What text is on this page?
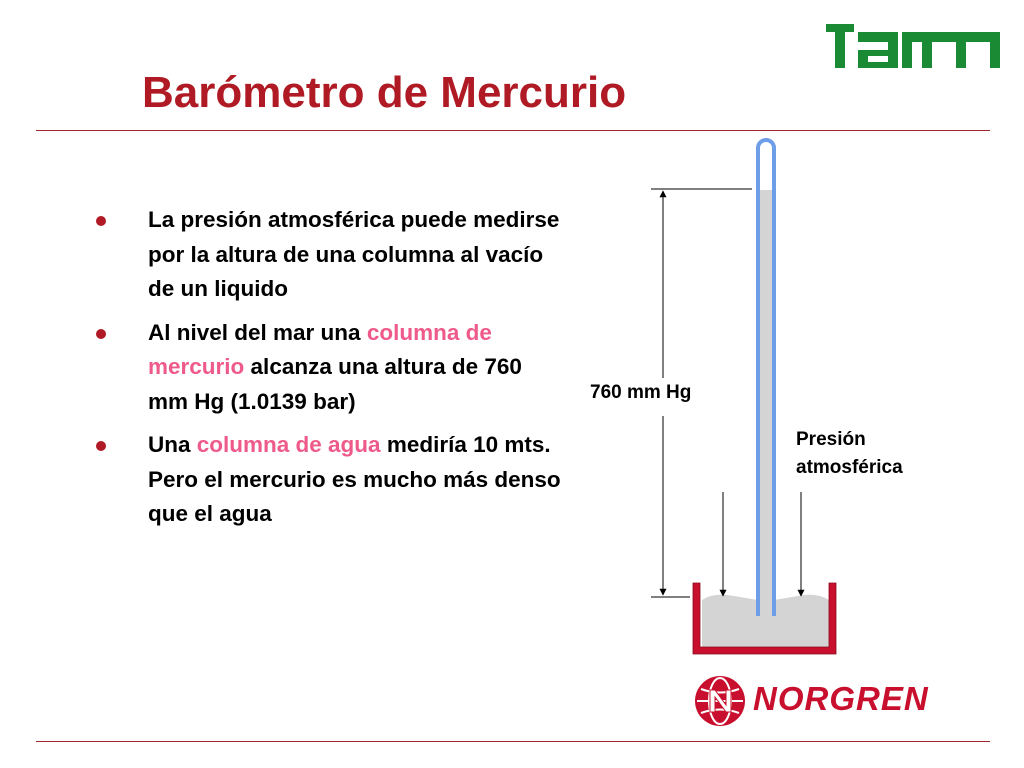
Barómetro de Mercurio
La presión atmosférica puede medirse por la altura de una columna al vacío de un liquido
Al nivel del mar una columna de mercurio alcanza una altura de 760 mm Hg (1.0139 bar)
Una columna de agua mediría 10 mts. Pero el mercurio es mucho más denso que el agua
760 mm Hg
Presión atmosférica
NORGREN
